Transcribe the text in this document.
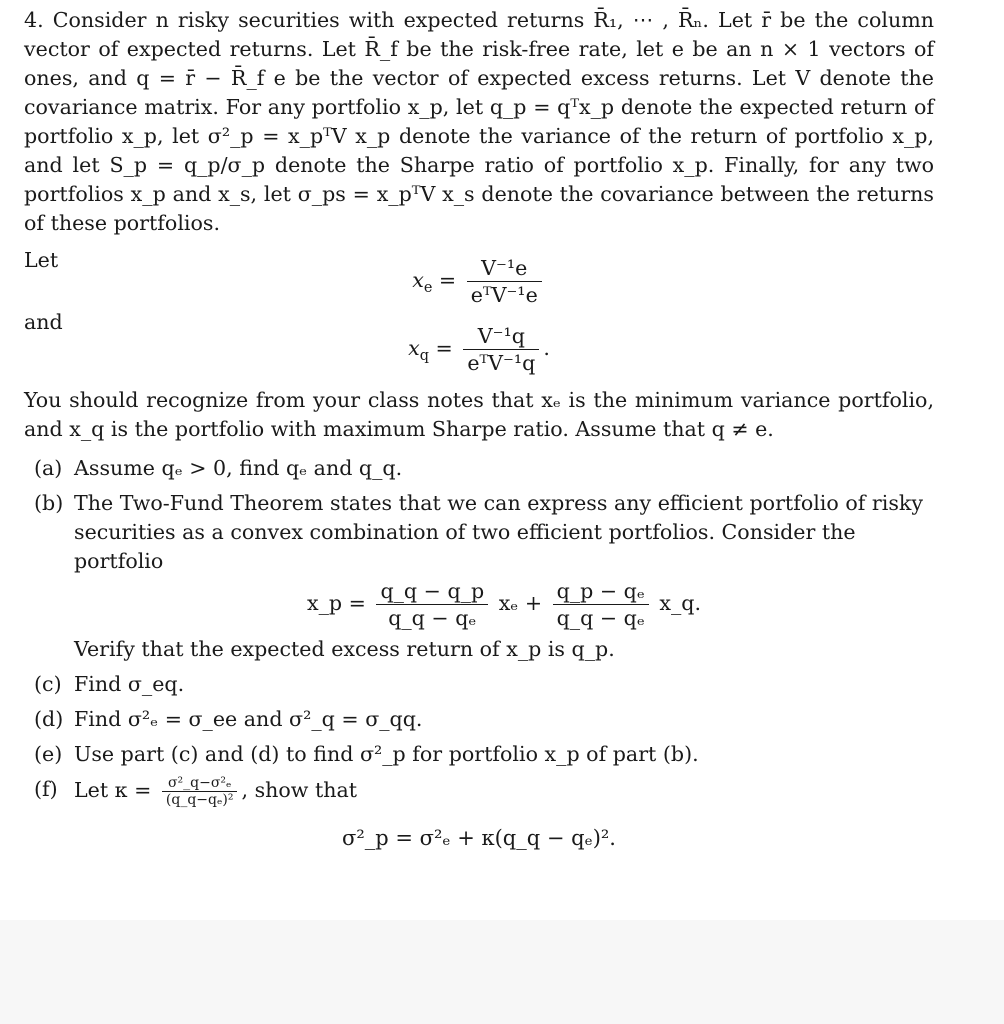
4. Consider n risky securities with expected returns R̄₁, ⋯ , R̄ₙ. Let r̄ be the column vector of expected returns. Let R̄_f be the risk-free rate, let e be an n × 1 vectors of ones, and q = r̄ − R̄_f e be the vector of expected excess returns. Let V denote the covariance matrix. For any portfolio x_p, let q_p = qᵀx_p denote the expected return of portfolio x_p, let σ²_p = x_pᵀV x_p denote the variance of the return of portfolio x_p, and let S_p = q_p/σ_p denote the Sharpe ratio of portfolio x_p. Finally, for any two portfolios x_p and x_s, let σ_ps = x_pᵀV x_s denote the covariance between the returns of these portfolios.

Let

$x_e = \frac{\text{V⁻¹e}}{\text{eᵀV⁻¹e}}$

and

$x_q = \frac{\text{V⁻¹q}}{\text{eᵀV⁻¹q}}$ .

You should recognize from your class notes that xₑ is the minimum variance portfolio, and x_q is the portfolio with maximum Sharpe ratio. Assume that q ≠ e.

(a) Assume qₑ > 0, find qₑ and q_q.
(b) The Two-Fund Theorem states that we can express any efficient portfolio of risky securities as a convex combination of two efficient portfolios. Consider the portfolio
x_p = $\frac{q\_q - q\_p}{\text{q\_q − qₑ}}$ $x_e + \frac{\text{q\_p − qₑ}}{\text{q\_q − qₑ}}$ x_q.
Verify that the expected excess return of x_p is q_p.
(c) Find σ_eq.
(d) Find σ²ₑ = σ_ee and σ²_q = σ_qq.
(e) Use part (c) and (d) to find σ²_p for portfolio x_p of part (b).
(f) Let $\kappa = \frac{\text{σ²\_q−σ²ₑ}}{\text{(q\_q−qₑ)²}}$ , show that
σ²_p = σ²ₑ + κ(q_q − qₑ)².
